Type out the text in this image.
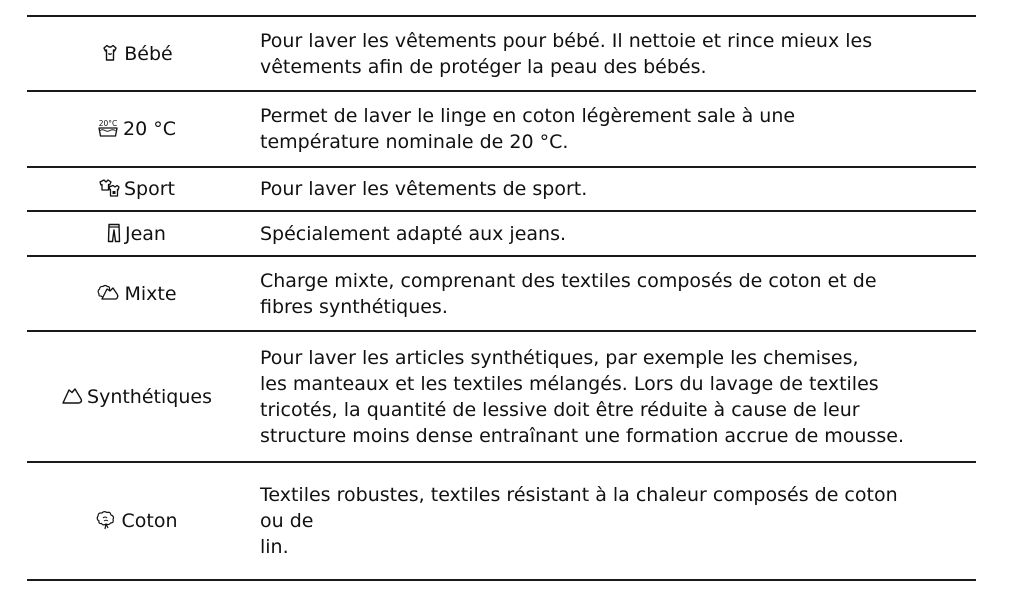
Bébé	Pour laver les vêtements pour bébé. Il nettoie et rince mieux les
vêtements afin de protéger la peau des bébés.

20°C 20 °C	Permet de laver le linge en coton légèrement sale à une
température nominale de 20 °C.

Sport	Pour laver les vêtements de sport.

Jean	Spécialement adapté aux jeans.

Mixte	Charge mixte, comprenant des textiles composés de coton et de
fibres synthétiques.

Synthétiques	Pour laver les articles synthétiques, par exemple les chemises,
les manteaux et les textiles mélangés. Lors du lavage de textiles
tricotés, la quantité de lessive doit être réduite à cause de leur
structure moins dense entraînant une formation accrue de mousse.

Coton	Textiles robustes, textiles résistant à la chaleur composés de coton
ou de
lin.
